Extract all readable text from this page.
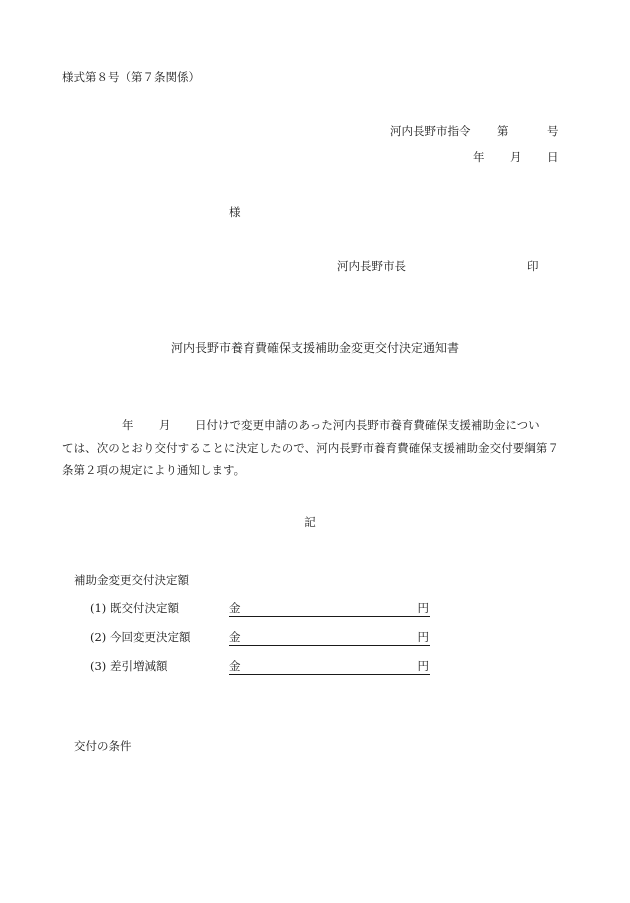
様式第８号（第７条関係）
河内長野市指令 第	号
年 月 日
様
河内長野市長	印
河内長野市養育費確保支援補助金変更交付決定通知書
年 月 日付けで変更申請のあった河内長野市養育費確保支援補助金につい
ては、次のとおり交付することに決定したので、河内長野市養育費確保支援補助金交付要綱第７条第２項の規定により通知します。
記
補助金変更交付決定額
(1) 既交付決定額	金	円
(2) 今回変更決定額	金	円
(3) 差引増減額	金	円
交付の条件
